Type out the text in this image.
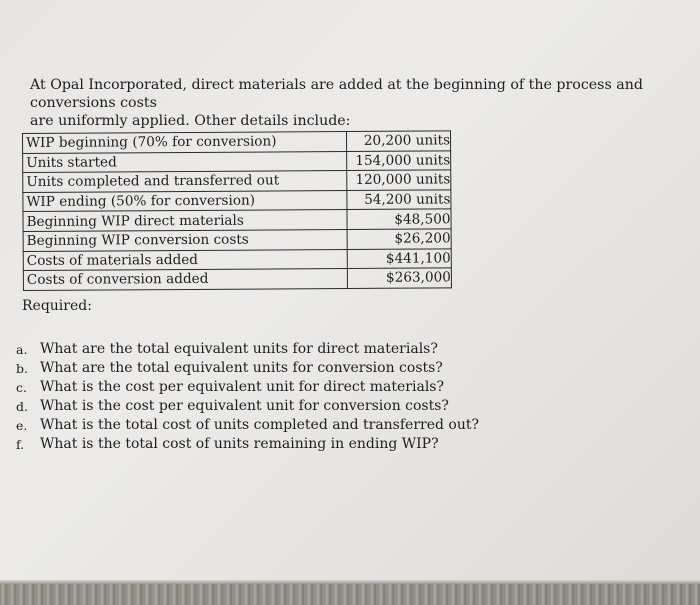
At Opal Incorporated, direct materials are added at the beginning of the process and conversions costs
are uniformly applied. Other details include:

WIP beginning (70% for conversion)	20,200 units
Units started	154,000 units
Units completed and transferred out	120,000 units
WIP ending (50% for conversion)	54,200 units
Beginning WIP direct materials	$48,500
Beginning WIP conversion costs	$26,200
Costs of materials added	$441,100
Costs of conversion added	$263,000

Required:

a. What are the total equivalent units for direct materials?
b. What are the total equivalent units for conversion costs?
c. What is the cost per equivalent unit for direct materials?
d. What is the cost per equivalent unit for conversion costs?
e. What is the total cost of units completed and transferred out?
f.	What is the total cost of units remaining in ending WIP?
